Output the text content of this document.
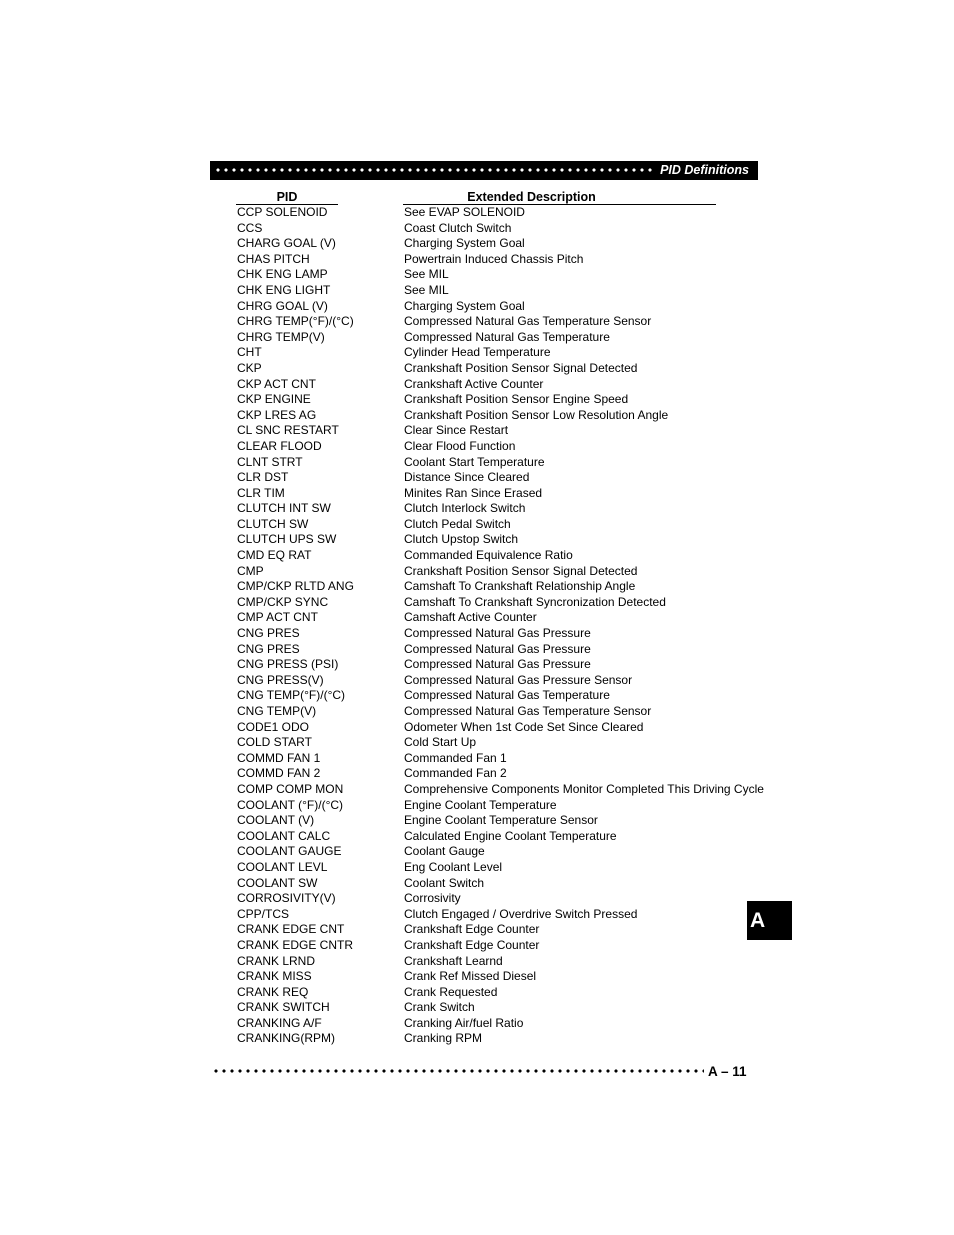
PID Definitions
PID	Extended Description
CCP SOLENOID	See EVAP SOLENOID
CCS	Coast Clutch Switch
CHARG GOAL (V)	Charging System Goal
CHAS PITCH	Powertrain Induced Chassis Pitch
CHK ENG LAMP	See MIL
CHK ENG LIGHT	See MIL
CHRG GOAL (V)	Charging System Goal
CHRG TEMP(°F)/(°C)	Compressed Natural Gas Temperature Sensor
CHRG TEMP(V)	Compressed Natural Gas Temperature
CHT	Cylinder Head Temperature
CKP	Crankshaft Position Sensor Signal Detected
CKP ACT CNT	Crankshaft Active Counter
CKP ENGINE	Crankshaft Position Sensor Engine Speed
CKP LRES AG	Crankshaft Position Sensor Low Resolution Angle
CL SNC RESTART	Clear Since Restart
CLEAR FLOOD	Clear Flood Function
CLNT STRT	Coolant Start Temperature
CLR DST	Distance Since Cleared
CLR TIM	Minites Ran Since Erased
CLUTCH INT SW	Clutch Interlock Switch
CLUTCH SW	Clutch Pedal Switch
CLUTCH UPS SW	Clutch Upstop Switch
CMD EQ RAT	Commanded Equivalence Ratio
CMP	Crankshaft Position Sensor Signal Detected
CMP/CKP RLTD ANG	Camshaft To Crankshaft Relationship Angle
CMP/CKP SYNC	Camshaft To Crankshaft Syncronization Detected
CMP ACT CNT	Camshaft Active Counter
CNG PRES	Compressed Natural Gas Pressure
CNG PRES	Compressed Natural Gas Pressure
CNG PRESS (PSI)	Compressed Natural Gas Pressure
CNG PRESS(V)	Compressed Natural Gas Pressure Sensor
CNG TEMP(°F)/(°C)	Compressed Natural Gas Temperature
CNG TEMP(V)	Compressed Natural Gas Temperature Sensor
CODE1 ODO	Odometer When 1st Code Set Since Cleared
COLD START	Cold Start Up
COMMD FAN 1	Commanded Fan 1
COMMD FAN 2	Commanded Fan 2
COMP COMP MON	Comprehensive Components Monitor Completed This Driving Cycle
COOLANT (°F)/(°C)	Engine Coolant Temperature
COOLANT (V)	Engine Coolant Temperature Sensor
COOLANT CALC	Calculated Engine Coolant Temperature
COOLANT GAUGE	Coolant Gauge
COOLANT LEVL	Eng Coolant Level
COOLANT SW	Coolant Switch
CORROSIVITY(V)	Corrosivity
CPP/TCS	Clutch Engaged / Overdrive Switch Pressed
CRANK EDGE CNT	Crankshaft Edge Counter
CRANK EDGE CNTR	Crankshaft Edge Counter
CRANK LRND	Crankshaft Learnd
CRANK MISS	Crank Ref Missed Diesel
CRANK REQ	Crank Requested
CRANK SWITCH	Crank Switch
CRANKING A/F	Cranking Air/fuel Ratio
CRANKING(RPM)	Cranking RPM
A
A – 11
